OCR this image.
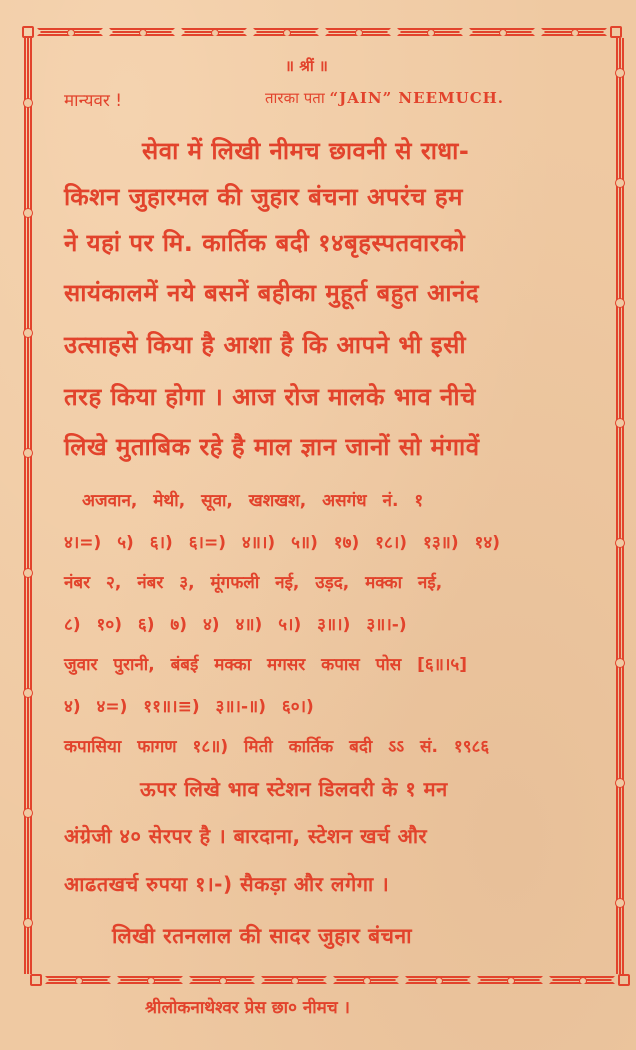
॥ श्रीं ॥
मान्यवर !	तारका पता “JAIN” NEEMUCH.
सेवा में लिखी नीमच छावनी से राधा-
किशन जुहारमल की जुहार बंचना अपरंच हम
ने यहां पर मि. कार्तिक बदी १४बृहस्पतवारको
सायंकालमें नये बसनें बहीका मुहूर्त बहुत आनंद
उत्साहसे किया है आशा है कि आपने भी इसी
तरह किया होगा । आज रोज मालके भाव नीचे
लिखे मुताबिक रहे है माल ज्ञान जानों सो मंगावें
अजवान, मेथी, सूवा, खशखश, असगंध नं. १
४।=) ५) ६।) ६।=) ४॥।) ५॥) १७) १८।) १३॥) १४)
नंबर २, नंबर ३, मूंगफली नई, उड़द, मक्का नई,
८) १०) ६) ७) ४) ४॥) ५।) ३॥।) ३॥।-)
जुवार पुरानी, बंबई मक्का मगसर कपास पोस [६॥।५]
४) ४=) ११॥।≡) ३॥।-॥) ६०।)
कपासिया फागण १८॥) मिती कार्तिक बदी ऽऽ सं. १९८६
ऊपर लिखे भाव स्टेशन डिलवरी के १ मन
अंग्रेजी ४० सेरपर है । बारदाना, स्टेशन खर्च और
आढतखर्च रुपया १।-) सैकड़ा और लगेगा ।
लिखी रतनलाल की सादर जुहार बंचना
श्रीलोकनाथेश्वर प्रेस छा० नीमच ।
